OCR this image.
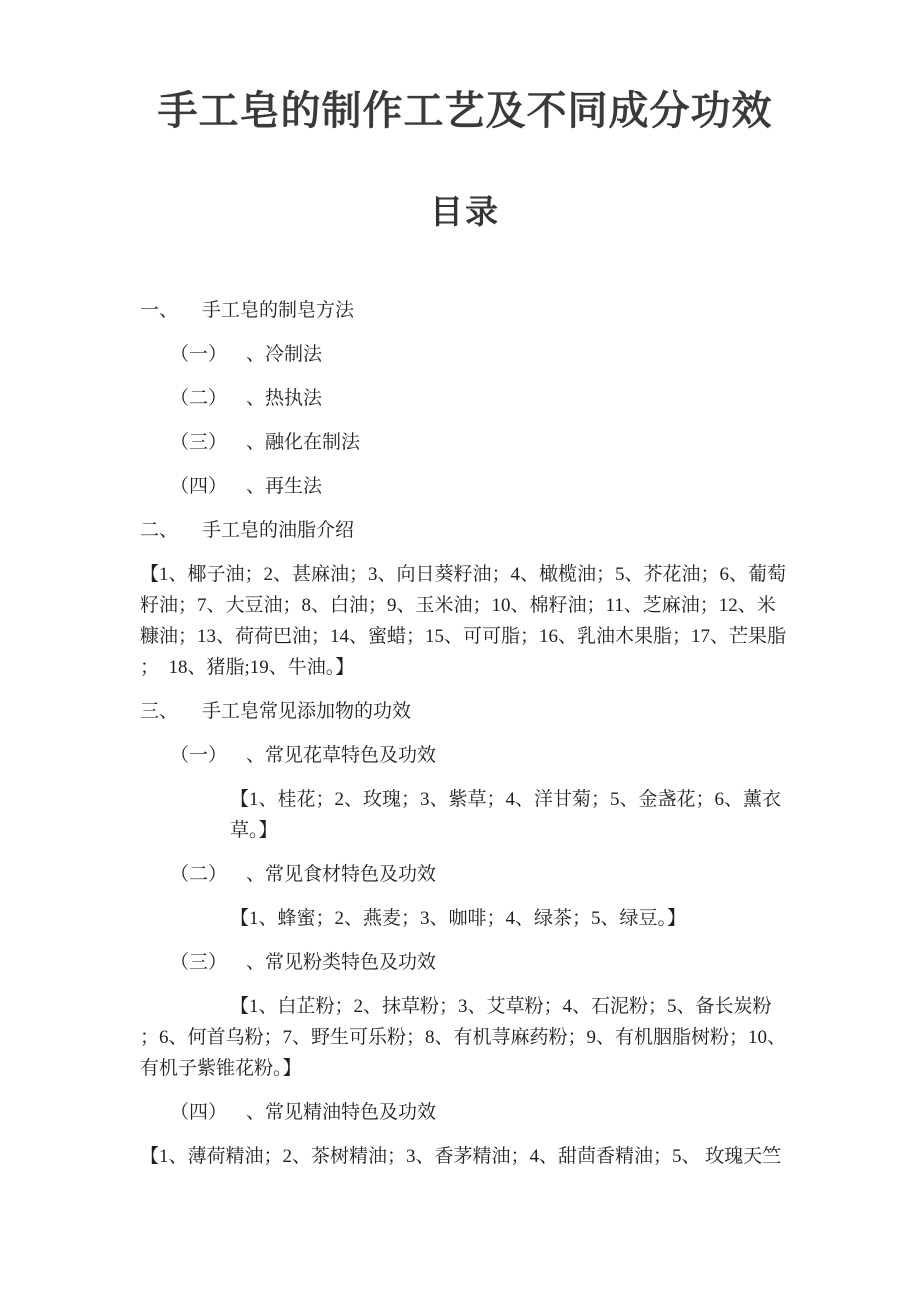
手工皂的制作工艺及不同成分功效
目录
一、 手工皂的制皂方法
（一） 、冷制法
（二） 、热执法
（三） 、融化在制法
（四） 、再生法
二、 手工皂的油脂介绍
【1、椰子油；2、甚麻油；3、向日葵籽油；4、橄榄油；5、芥花油；6、葡萄籽油；7、大豆油；8、白油；9、玉米油；10、棉籽油；11、芝麻油；12、米糠油；13、荷荷巴油；14、蜜蜡；15、可可脂；16、乳油木果脂；17、芒果脂；  18、猪脂;19、牛油。】
三、 手工皂常见添加物的功效
（一） 、常见花草特色及功效
【1、桂花；2、玫瑰；3、紫草；4、洋甘菊；5、金盏花；6、薰衣草。】
（二） 、常见食材特色及功效
【1、蜂蜜；2、燕麦；3、咖啡；4、绿茶；5、绿豆。】
（三） 、常见粉类特色及功效
【1、白芷粉；2、抹草粉；3、艾草粉；4、石泥粉；5、备长炭粉；6、何首乌粉；7、野生可乐粉；8、有机荨麻药粉；9、有机胭脂树粉；10、有机子紫锥花粉。】
（四） 、常见精油特色及功效
【1、薄荷精油；2、茶树精油；3、香茅精油；4、甜茴香精油；5、 玫瑰天竺
